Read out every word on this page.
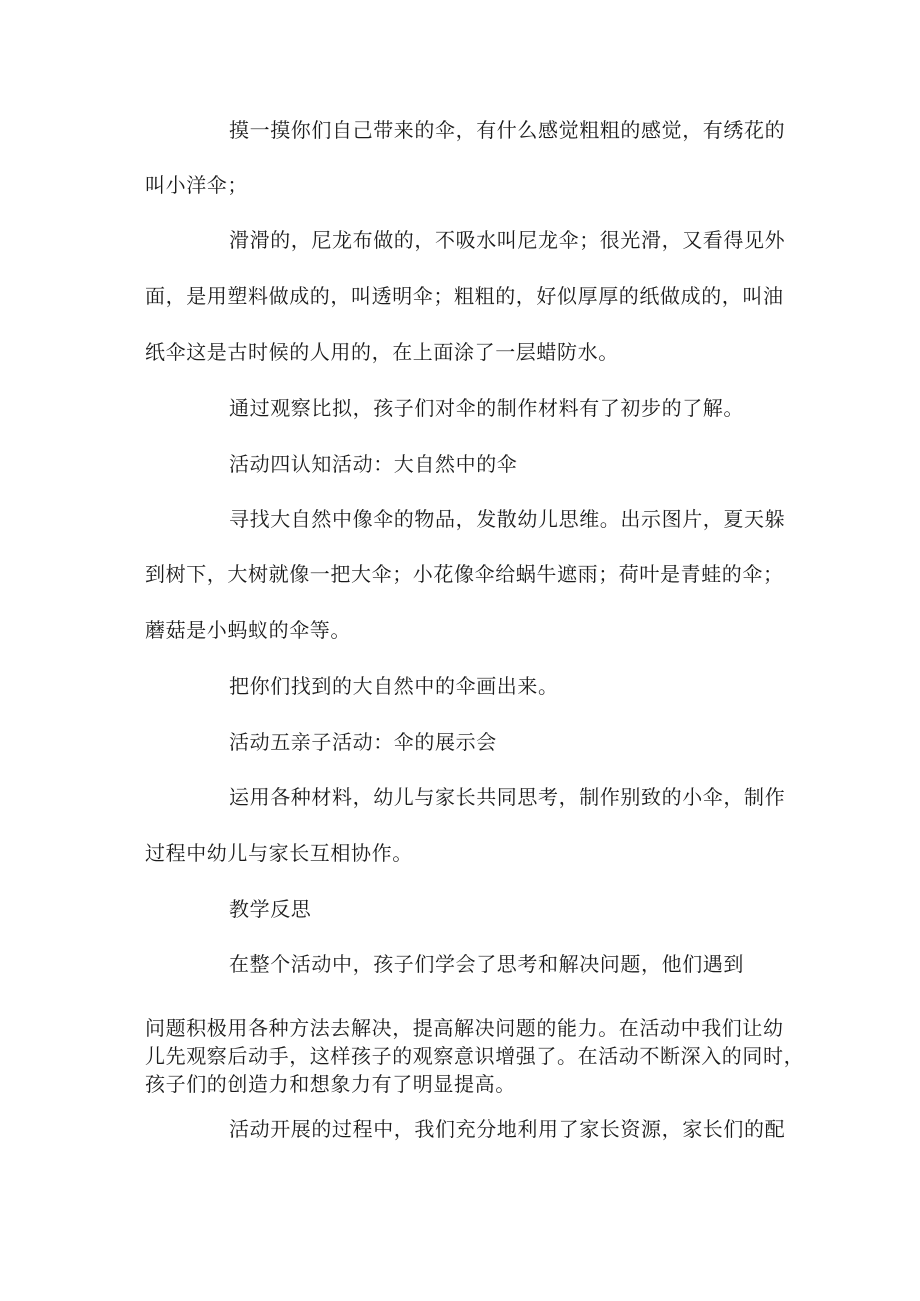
摸一摸你们自己带来的伞，有什么感觉粗粗的感觉，有绣花的
叫小洋伞；
滑滑的，尼龙布做的，不吸水叫尼龙伞；很光滑，又看得见外
面，是用塑料做成的，叫透明伞；粗粗的，好似厚厚的纸做成的，叫油
纸伞这是古时候的人用的，在上面涂了一层蜡防水。
通过观察比拟，孩子们对伞的制作材料有了初步的了解。
活动四认知活动：大自然中的伞
寻找大自然中像伞的物品，发散幼儿思维。出示图片，夏天躲
到树下，大树就像一把大伞；小花像伞给蜗牛遮雨；荷叶是青蛙的伞；
蘑菇是小蚂蚁的伞等。
把你们找到的大自然中的伞画出来。
活动五亲子活动：伞的展示会
运用各种材料，幼儿与家长共同思考，制作别致的小伞，制作
过程中幼儿与家长互相协作。
教学反思
在整个活动中，孩子们学会了思考和解决问题，他们遇到
问题积极用各种方法去解决，提高解决问题的能力。在活动中我们让幼
儿先观察后动手，这样孩子的观察意识增强了。在活动不断深入的同时，
孩子们的创造力和想象力有了明显提高。
活动开展的过程中，我们充分地利用了家长资源，家长们的配
